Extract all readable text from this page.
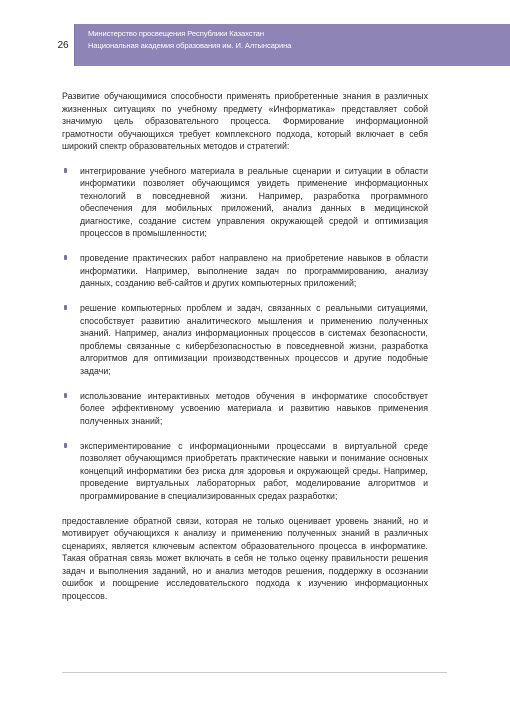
26
Министерство просвещения Республики Казахстан
Национальная академия образования им. И. Алтынсарина

Развитие обучающимися способности применять приобретенные знания в различных жизненных ситуациях по учебному предмету «Информатика» представляет собой значимую цель образовательного процесса. Формирование информационной грамотности обучающихся требует комплексного подхода, который включает в себя широкий спектр образовательных методов и стратегий:

интегрирование учебного материала в реальные сценарии и ситуации в области информатики позволяет обучающимся увидеть применение информационных технологий в повседневной жизни. Например, разработка программного обеспечения для мобильных приложений, анализ данных в медицинской диагностике, создание систем управления окружающей средой и оптимизация процессов в промышленности;
проведение практических работ направлено на приобретение навыков в области информатики. Например, выполнение задач по программированию, анализу данных, созданию веб-сайтов и других компьютерных приложений;
решение компьютерных проблем и задач, связанных с реальными ситуациями, способствует развитию аналитического мышления и применению полученных знаний. Например, анализ информационных процессов в системах безопасности, проблемы связанные с кибербезопасностью в повседневной жизни, разработка алгоритмов для оптимизации производственных процессов и другие подобные задачи;
использование интерактивных методов обучения в информатике способствует более эффективному усвоению материала и развитию навыков применения полученных знаний;
экспериментирование с информационными процессами в виртуальной среде позволяет обучающимся приобретать практические навыки и понимание основных концепций информатики без риска для здоровья и окружающей среды. Например, проведение виртуальных лабораторных работ, моделирование алгоритмов и программирование в специализированных средах разработки;

предоставление обратной связи, которая не только оценивает уровень знаний, но и мотивирует обучающихся к анализу и применению полученных знаний в различных сценариях, является ключевым аспектом образовательного процесса в информатике. Такая обратная связь может включать в себя не только оценку правильности решения задач и выполнения заданий, но и анализ методов решения, поддержку в осознании ошибок и поощрение исследовательского подхода к изучению информационных процессов.
